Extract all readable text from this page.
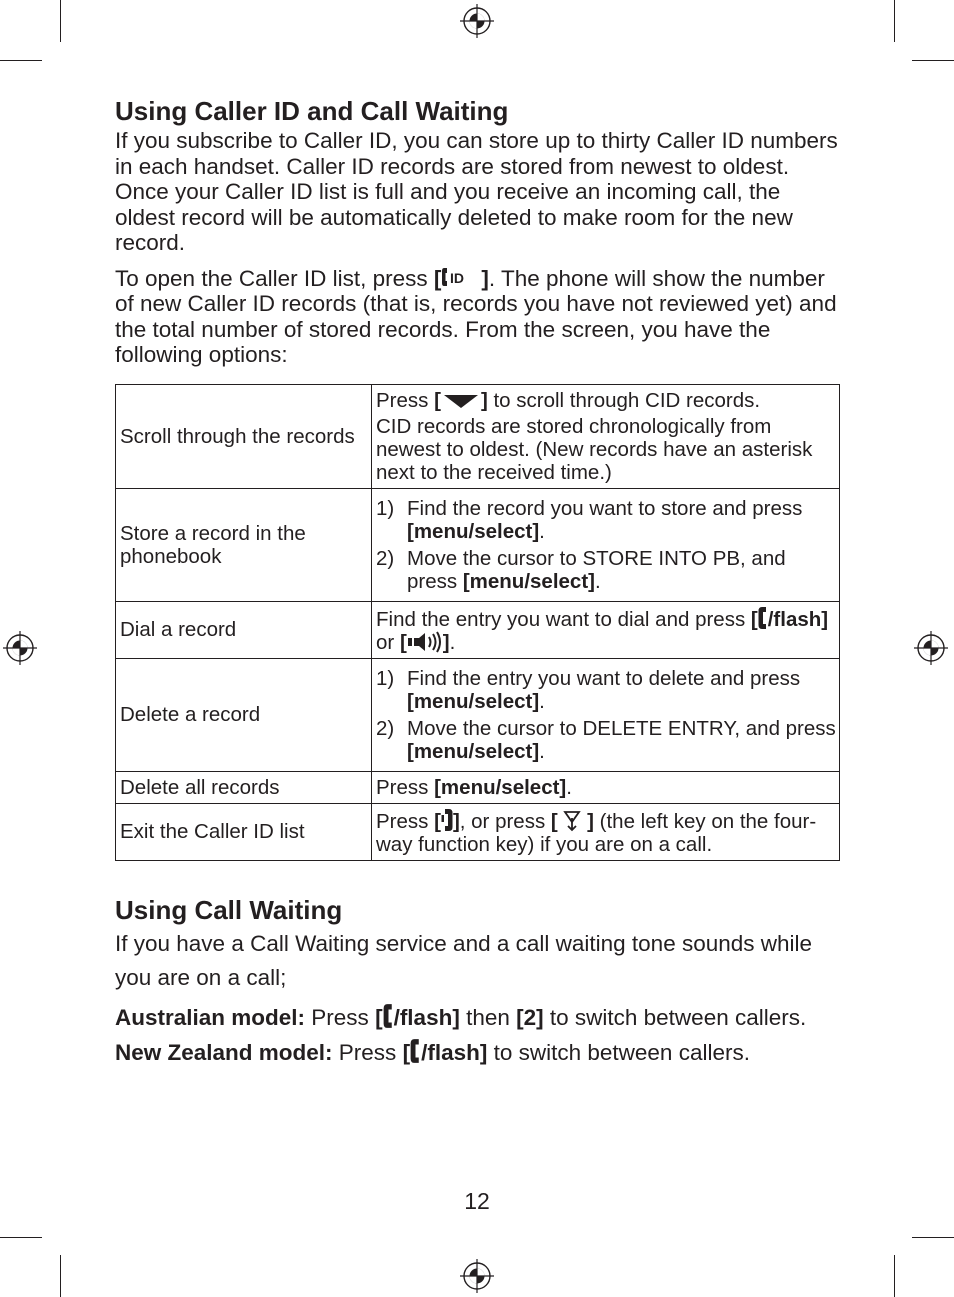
Using Caller ID and Call Waiting

If you subscribe to Caller ID, you can store up to thirty Caller ID numbers in each handset. Caller ID records are stored from newest to oldest. Once your Caller ID list is full and you receive an incoming call, the oldest record will be automatically deleted to make room for the new record.

To open the Caller ID list, press [ ID ]. The phone will show the number of new Caller ID records (that is, records you have not reviewed yet) and the total number of stored records. From the screen, you have the following options:

Scroll through the records	Press [ ] to scroll through CID records.
CID records are stored chronologically from newest to oldest. (New records have an asterisk next to the received time.)

Store a record in the phonebook	1) Find the record you want to store and press [menu/select].
2) Move the cursor to STORE INTO PB, and press [menu/select].

Dial a record	Find the entry you want to dial and press [ /flash] or [ ].
Delete a record	1) Find the entry you want to delete and press [menu/select].
2) Move the cursor to DELETE ENTRY, and press [menu/select].

Delete all records	Press [menu/select].
Exit the Caller ID list	Press [ ], or press [  ] (the left key on the four-way function key) if you are on a call.
Using Call Waiting

If you have a Call Waiting service and a call waiting tone sounds while you are on a call;

Australian model: Press [ /flash] then [2] to switch between callers.

New Zealand model: Press [ /flash] to switch between callers.

12
